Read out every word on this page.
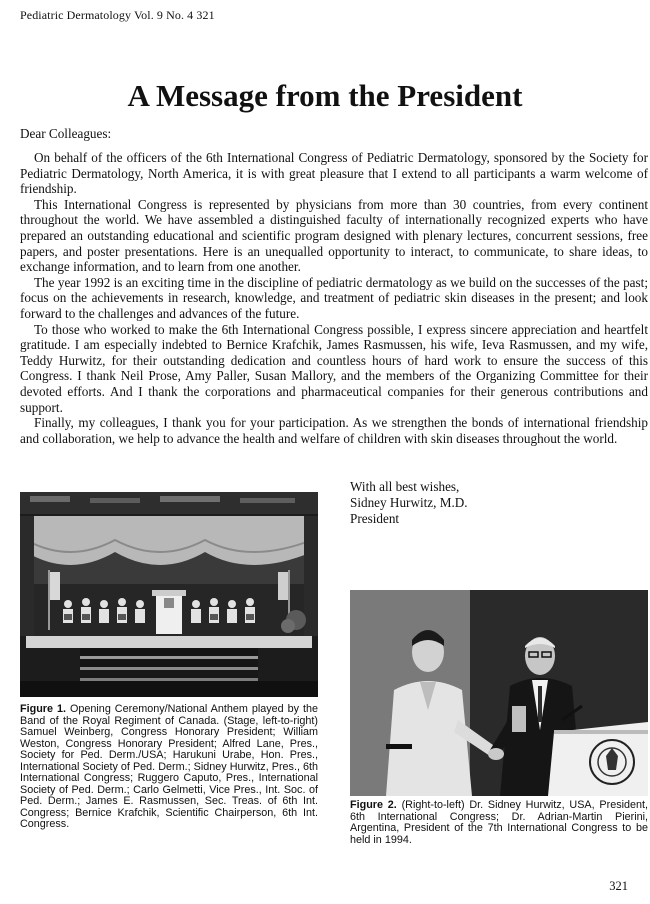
Pediatric Dermatology Vol. 9 No. 4 321
A Message from the President
Dear Colleagues:

On behalf of the officers of the 6th International Congress of Pediatric Dermatology, sponsored by the Society for Pediatric Dermatology, North America, it is with great pleasure that I extend to all participants a warm welcome of friendship.

This International Congress is represented by physicians from more than 30 countries, from every continent throughout the world. We have assembled a distinguished faculty of internationally recognized experts who have prepared an outstanding educational and scientific program designed with plenary lectures, concurrent sessions, free papers, and poster presentations. Here is an unequalled opportunity to interact, to communicate, to share ideas, to exchange information, and to learn from one another.

The year 1992 is an exciting time in the discipline of pediatric dermatology as we build on the successes of the past; focus on the achievements in research, knowledge, and treatment of pediatric skin diseases in the present; and look forward to the challenges and advances of the future.

To those who worked to make the 6th International Congress possible, I express sincere appreciation and heartfelt gratitude. I am especially indebted to Bernice Krafchik, James Rasmussen, his wife, Ieva Rasmussen, and my wife, Teddy Hurwitz, for their outstanding dedication and countless hours of hard work to ensure the success of this Congress. I thank Neil Prose, Amy Paller, Susan Mallory, and the members of the Organizing Committee for their devoted efforts. And I thank the corporations and pharmaceutical companies for their generous contributions and support.

Finally, my colleagues, I thank you for your participation. As we strengthen the bonds of international friendship and collaboration, we help to advance the health and welfare of children with skin diseases throughout the world.

With all best wishes,
Sidney Hurwitz, M.D.
President
Figure 1. Opening Ceremony/National Anthem played by the Band of the Royal Regiment of Canada. (Stage, left-to-right) Samuel Weinberg, Congress Honorary President; William Weston, Congress Honorary President; Alfred Lane, Pres., Society for Ped. Derm./USA; Harukuni Urabe, Hon. Pres., International Society of Ped. Derm.; Sidney Hurwitz, Pres., 6th International Congress; Ruggero Caputo, Pres., International Society of Ped. Derm.; Carlo Gelmetti, Vice Pres., Int. Soc. of Ped. Derm.; James E. Rasmussen, Sec. Treas. of 6th Int. Congress; Bernice Krafchik, Scientific Chairperson, 6th Int. Congress.
Figure 2. (Right-to-left) Dr. Sidney Hurwitz, USA, President, 6th International Congress; Dr. Adrian-Martin Pierini, Argentina, President of the 7th International Congress to be held in 1994.
321
